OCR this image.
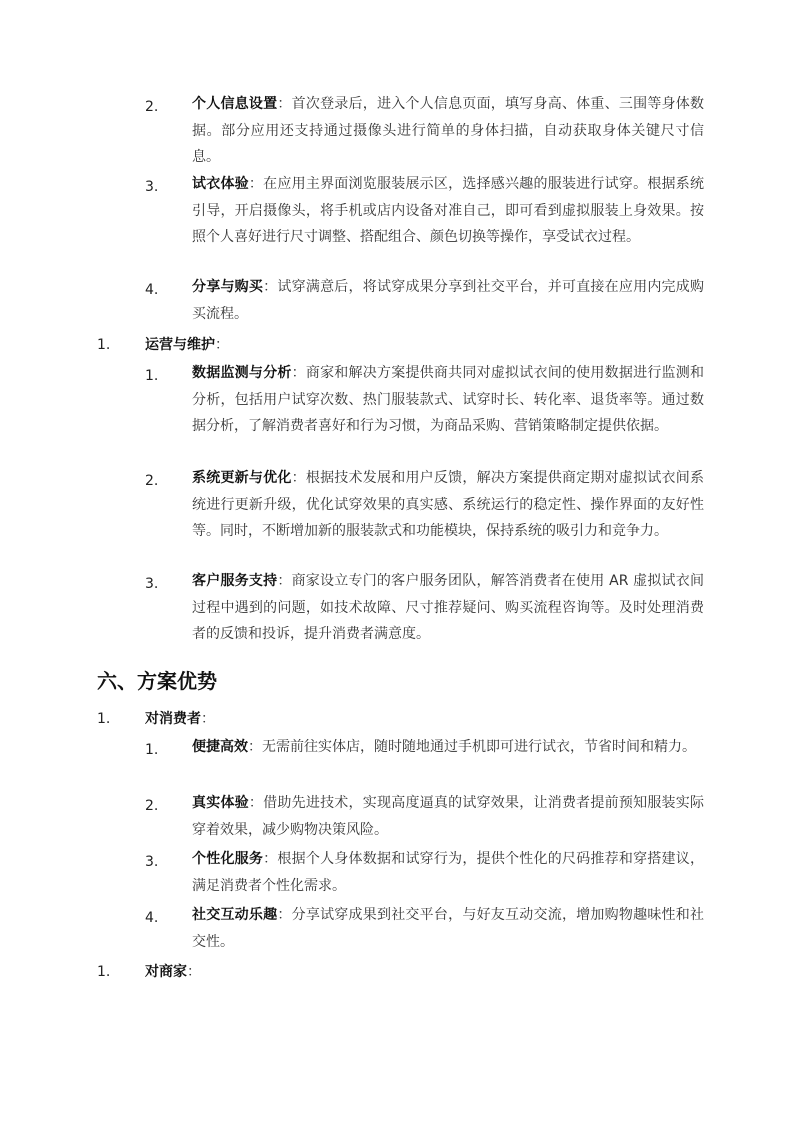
2. 个人信息设置：首次登录后，进入个人信息页面，填写身高、体重、三围等身体数据。部分应用还支持通过摄像头进行简单的身体扫描，自动获取身体关键尺寸信息。
3. 试衣体验：在应用主界面浏览服装展示区，选择感兴趣的服装进行试穿。根据系统引导，开启摄像头，将手机或店内设备对准自己，即可看到虚拟服装上身效果。按照个人喜好进行尺寸调整、搭配组合、颜色切换等操作，享受试衣过程。
4. 分享与购买：试穿满意后，将试穿成果分享到社交平台，并可直接在应用内完成购买流程。
1. 运营与维护：
1. 数据监测与分析：商家和解决方案提供商共同对虚拟试衣间的使用数据进行监测和分析，包括用户试穿次数、热门服装款式、试穿时长、转化率、退货率等。通过数据分析，了解消费者喜好和行为习惯，为商品采购、营销策略制定提供依据。
2. 系统更新与优化：根据技术发展和用户反馈，解决方案提供商定期对虚拟试衣间系统进行更新升级，优化试穿效果的真实感、系统运行的稳定性、操作界面的友好性等。同时，不断增加新的服装款式和功能模块，保持系统的吸引力和竞争力。
3. 客户服务支持：商家设立专门的客户服务团队，解答消费者在使用 AR 虚拟试衣间过程中遇到的问题，如技术故障、尺寸推荐疑问、购买流程咨询等。及时处理消费者的反馈和投诉，提升消费者满意度。
六、方案优势
1. 对消费者：
1. 便捷高效：无需前往实体店，随时随地通过手机即可进行试衣，节省时间和精力。
2. 真实体验：借助先进技术，实现高度逼真的试穿效果，让消费者提前预知服装实际穿着效果，减少购物决策风险。
3. 个性化服务：根据个人身体数据和试穿行为，提供个性化的尺码推荐和穿搭建议，满足消费者个性化需求。
4. 社交互动乐趣：分享试穿成果到社交平台，与好友互动交流，增加购物趣味性和社交性。
1. 对商家：
